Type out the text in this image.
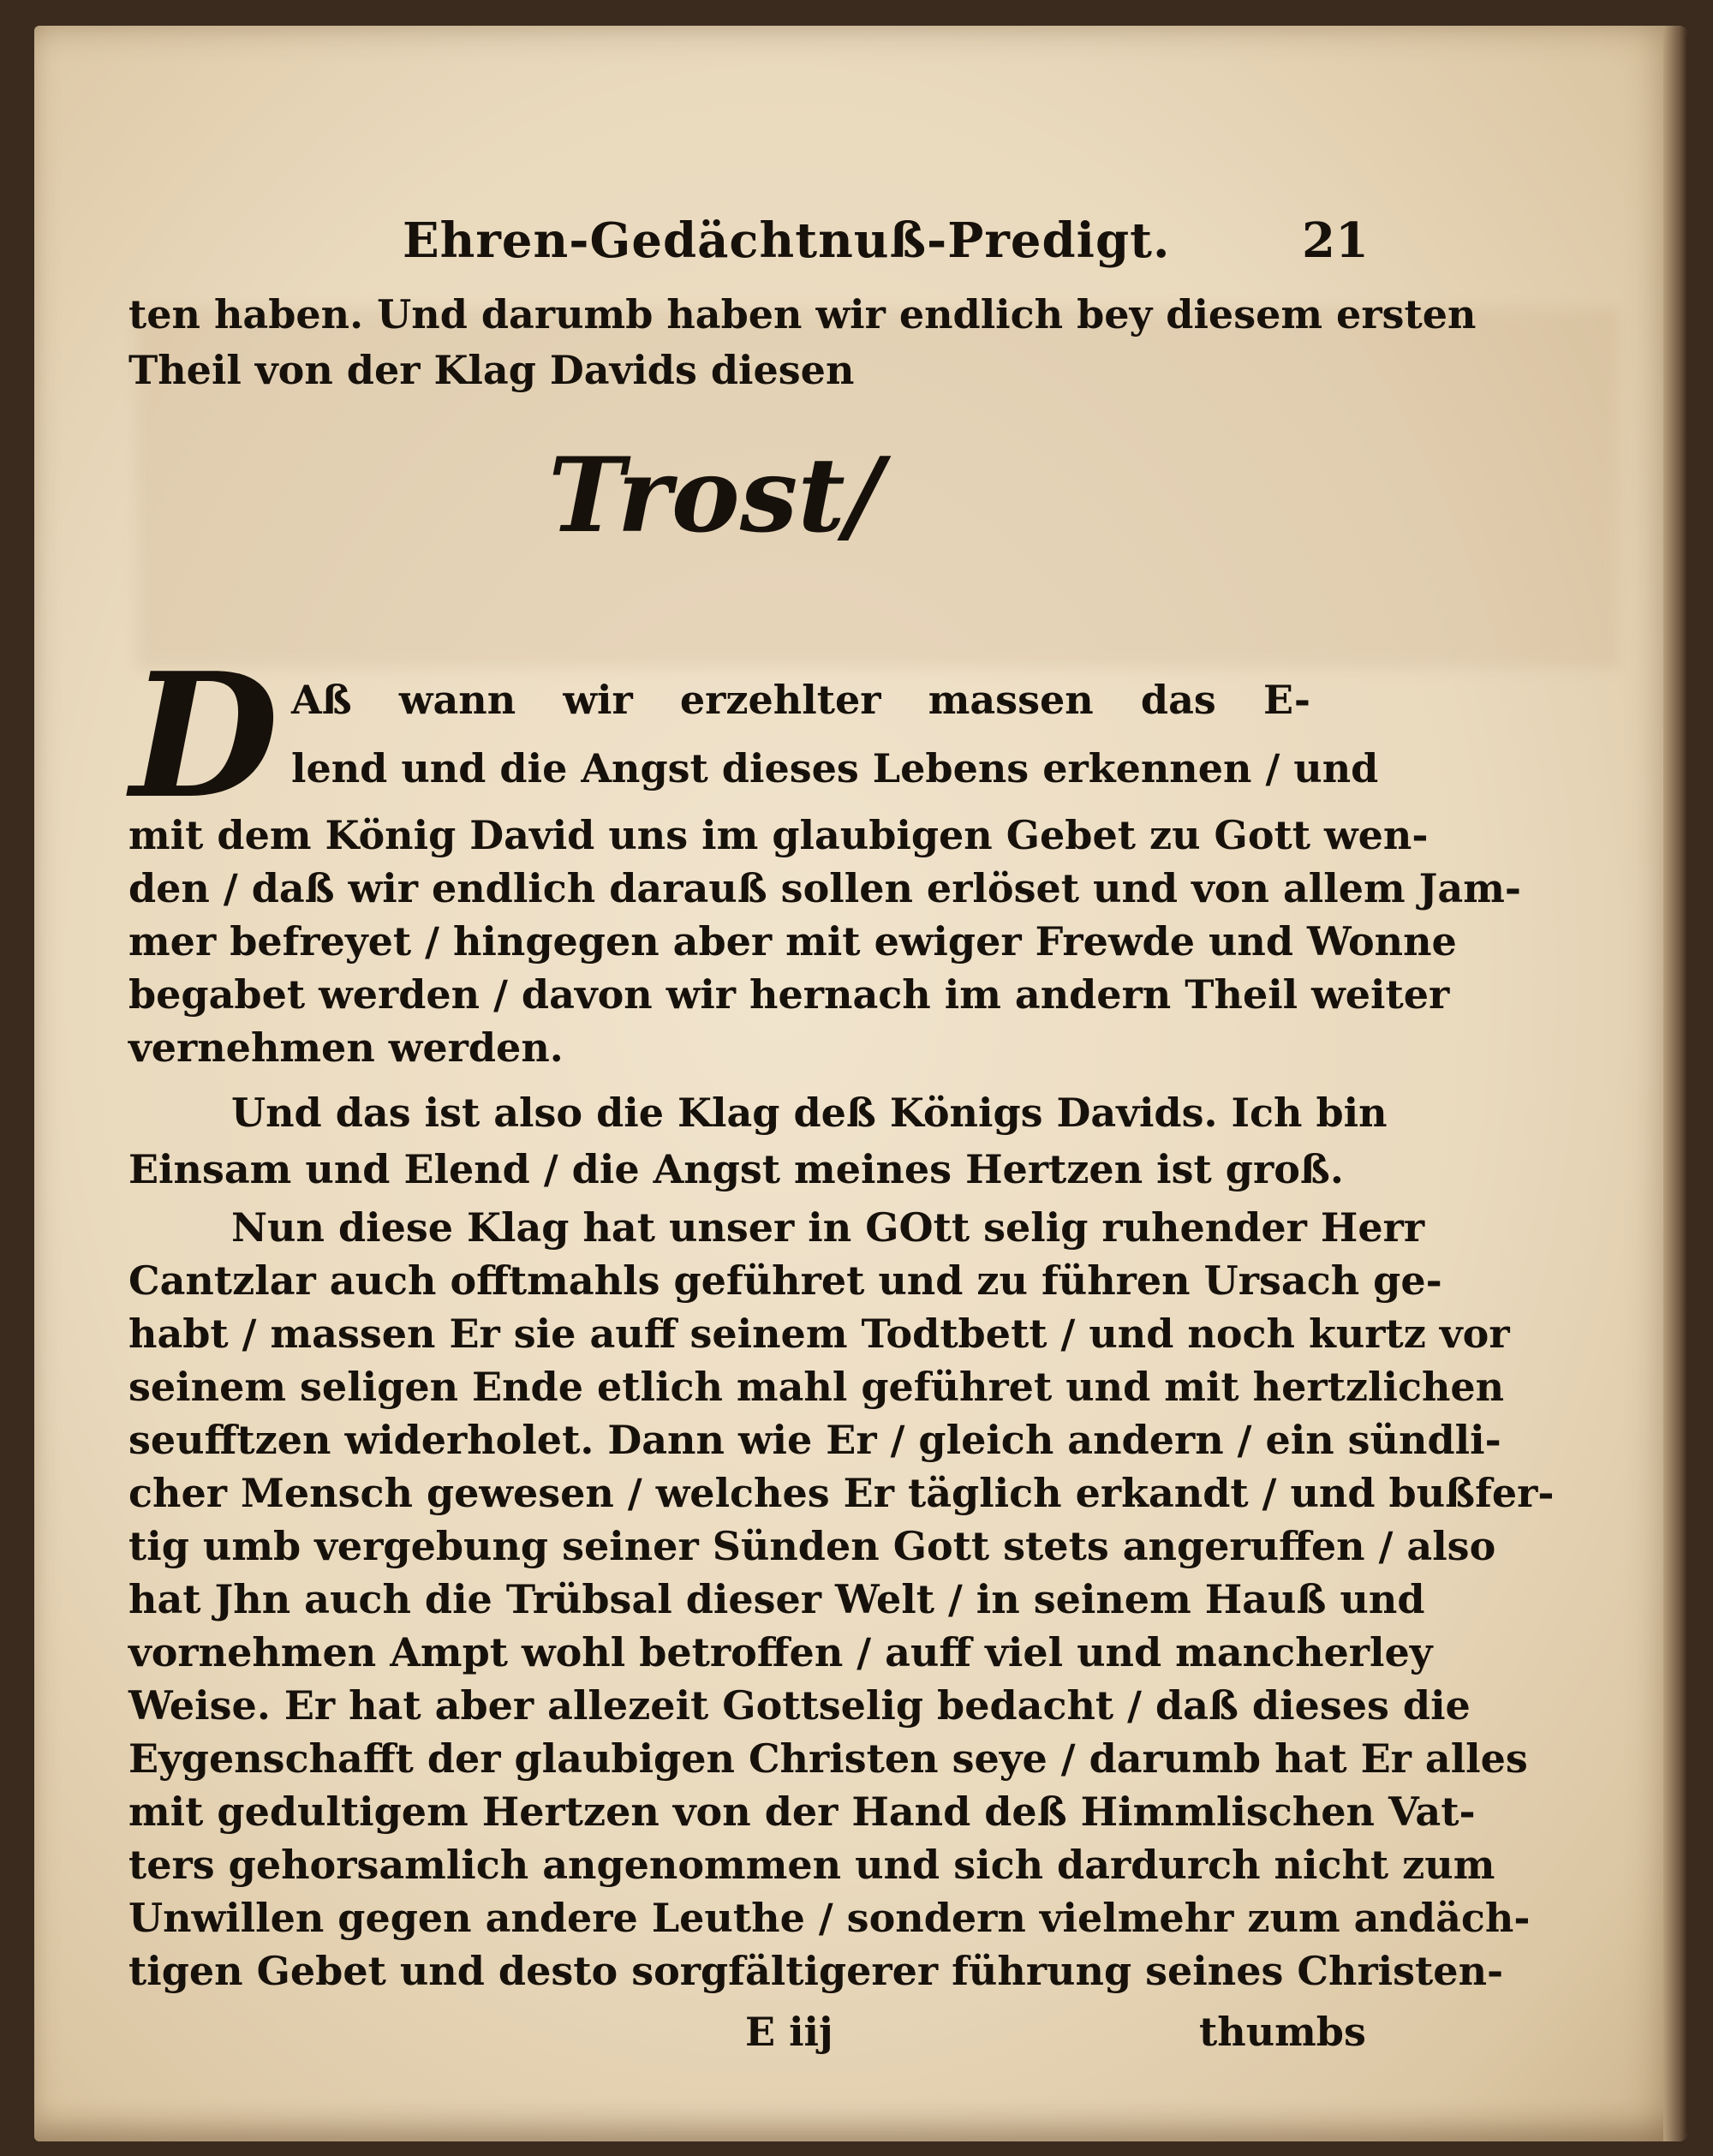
Ehren-Gedächtnuß-Predigt.	21
ten haben. Und darumb haben wir endlich bey diesem ersten
Theil von der Klag Davids diesen
Trost/
D Aß wann wir erzehlter massen das E-
lend und die Angst dieses Lebens erkennen / und
mit dem König David uns im glaubigen Gebet zu Gott wen-
den / daß wir endlich darauß sollen erlöset und von allem Jam-
mer befreyet / hingegen aber mit ewiger Frewde und Wonne
begabet werden / davon wir hernach im andern Theil weiter
vernehmen werden.
Und das ist also die Klag deß Königs Davids. Ich bin
Einsam und Elend / die Angst meines Hertzen ist groß.
Nun diese Klag hat unser in GOtt selig ruhender Herr
Cantzlar auch offtmahls geführet und zu führen Ursach ge-
habt / massen Er sie auff seinem Todtbett / und noch kurtz vor
seinem seligen Ende etlich mahl geführet und mit hertzlichen
seufftzen widerholet. Dann wie Er / gleich andern / ein sündli-
cher Mensch gewesen / welches Er täglich erkandt / und bußfer-
tig umb vergebung seiner Sünden Gott stets angeruffen / also
hat Jhn auch die Trübsal dieser Welt / in seinem Hauß und
vornehmen Ampt wohl betroffen / auff viel und mancherley
Weise. Er hat aber allezeit Gottselig bedacht / daß dieses die
Eygenschafft der glaubigen Christen seye / darumb hat Er alles
mit gedultigem Hertzen von der Hand deß Himmlischen Vat-
ters gehorsamlich angenommen und sich dardurch nicht zum
Unwillen gegen andere Leuthe / sondern vielmehr zum andäch-
tigen Gebet und desto sorgfältigerer führung seines Christen-
E iij	thumbs
